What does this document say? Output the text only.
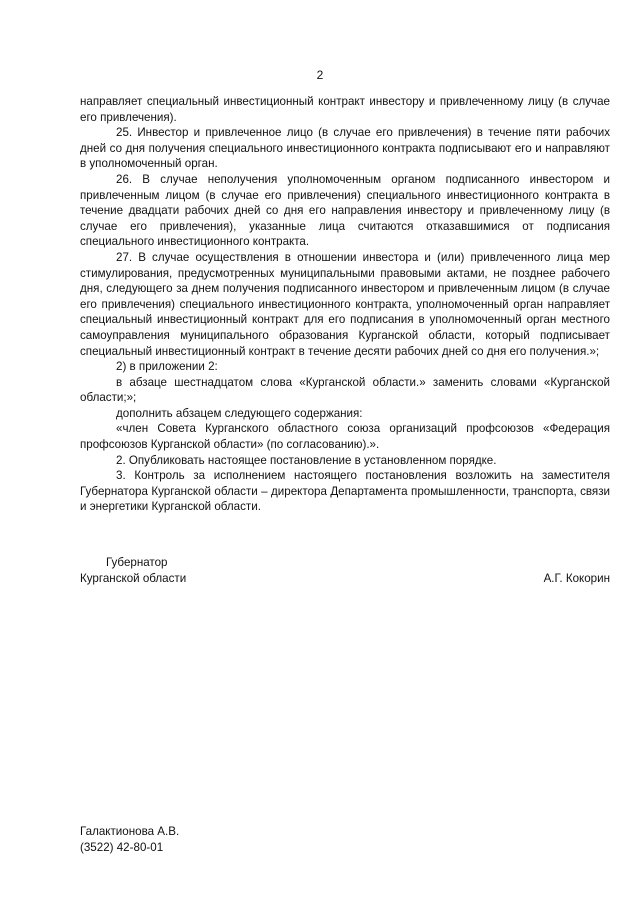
2

направляет специальный инвестиционный контракт инвестору и привлеченному лицу (в случае его привлечения).

25. Инвестор и привлеченное лицо (в случае его привлечения) в течение пяти рабочих дней со дня получения специального инвестиционного контракта подписывают его и направляют в уполномоченный орган.

26. В случае неполучения уполномоченным органом подписанного инвестором и привлеченным лицом (в случае его привлечения) специального инвестиционного контракта в течение двадцати рабочих дней со дня его направления инвестору и привлеченному лицу (в случае его привлечения), указанные лица считаются отказавшимися от подписания специального инвестиционного контракта.

27. В случае осуществления в отношении инвестора и (или) привлеченного лица мер стимулирования, предусмотренных муниципальными правовыми актами, не позднее рабочего дня, следующего за днем получения подписанного инвестором и привлеченным лицом (в случае его привлечения) специального инвестиционного контракта, уполномоченный орган направляет специальный инвестиционный контракт для его подписания в уполномоченный орган местного самоуправления муниципального образования Курганской области, который подписывает специальный инвестиционный контракт в течение десяти рабочих дней со дня его получения.»;

2) в приложении 2:

в абзаце шестнадцатом слова «Курганской области.» заменить словами «Курганской области;»;

дополнить абзацем следующего содержания:

«член Совета Курганского областного союза организаций профсоюзов «Федерация профсоюзов Курганской области» (по согласованию).».

2. Опубликовать настоящее постановление в установленном порядке.

3. Контроль за исполнением настоящего постановления возложить на заместителя Губернатора Курганской области – директора Департамента промышленности, транспорта, связи и энергетики Курганской области.

Губернатор
Курганской области	А.Г. Кокорин
Галактионова А.В.
(3522) 42-80-01
